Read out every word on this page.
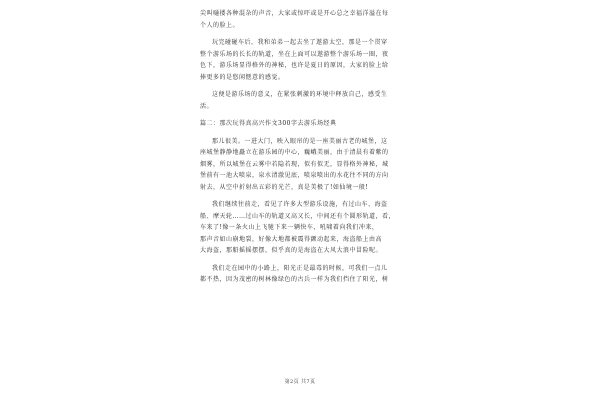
尖叫嗵搂各种混杂的声音，大家或惊吓或是开心总之幸福洋溢在每
个人的脸上。

玩完碰碰车后，我和弟弟一起去坐了遨游太空，那是一个贯穿
整个游乐场的长长的轨道，坐在上面可以遨游整个游乐场一圈，夜
色下，游乐场显得格外的神秘，也许是夏日的原因，大家的脸上给
捧更多的是悠闲惬意的感觉。

这便是游乐场的意义，在紧张刺激的环境中释放自己，感受生
活。

篇二：那次玩得真高兴作文300字去游乐场经典

那儿很美。一进大门，映入眼帘的是一座美丽古老的城堡，这
座城堡静静地矗立在游乐园的中心，巍峨美丽，由于清晨有着紫的
烟雾，所以城堡在云雾中若隐若现，似有似无，显得格外神秘，城
堡前有一池大喷泉，泉水清澈见底，喷泉喷出的水花往不同的方向
射去，从空中折射出五彩的光芒，真是美极了!如仙境一般!

我们继续往前走，看见了许多大型游乐设施，有过山车、海盗
船、摩天轮……过山车的轨道又高又长，中间还有个圆形轨道，看，
车来了!像一条火山上飞驰下来一辆快车，吼啸着向我们冲来，
那声音如山崩地裂，好像大地都被震得颤动起来，海盗船上由高
大海盗，那船摇摇摆摆，似乎真的是海盗在大风大浪中冒险呢。

我们走在园中的小路上，阳光正是最毒的时候，可我们一点儿
都不热，因为茂密的树林像绿色的古兵一样为我们挡住了阳光，树

第2页 共7页
